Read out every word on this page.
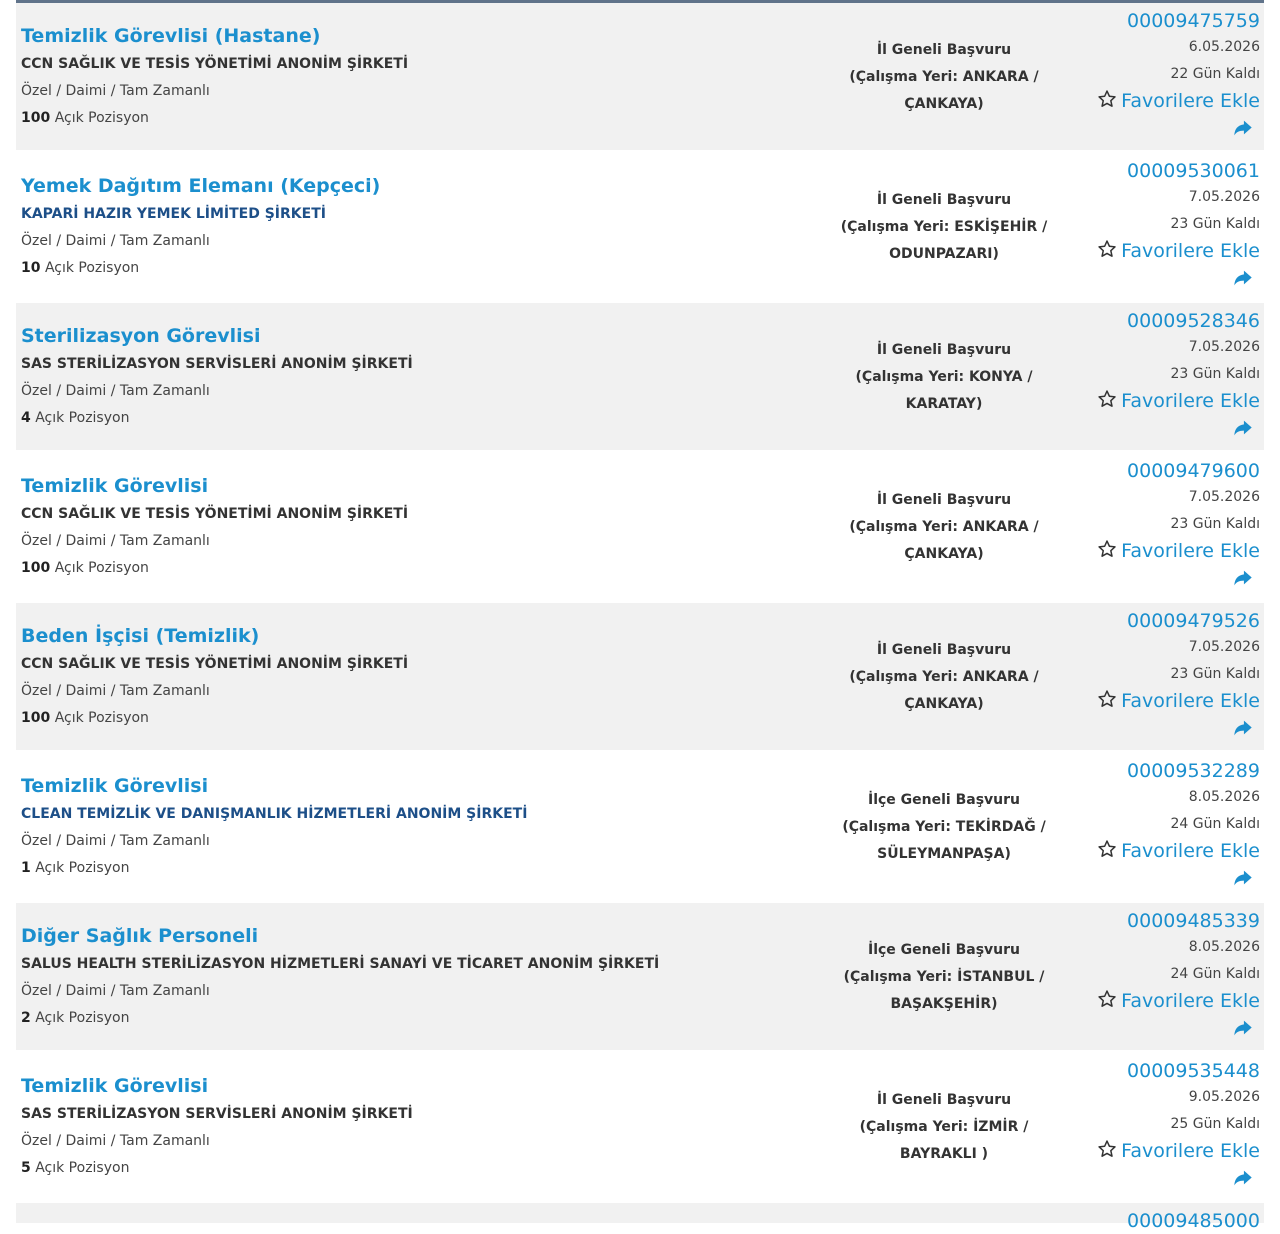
Temizlik Görevlisi (Hastane)
CCN SAĞLIK VE TESİS YÖNETİMİ ANONİM ŞİRKETİ
Özel / Daimi / Tam Zamanlı
100 Açık Pozisyon
İl Geneli Başvuru
(Çalışma Yeri: ANKARA /
ÇANKAYA)
00009475759
6.05.2026
22 Gün Kaldı
Favorilere Ekle
Yemek Dağıtım Elemanı (Kepçeci)
KAPARİ HAZIR YEMEK LİMİTED ŞİRKETİ
Özel / Daimi / Tam Zamanlı
10 Açık Pozisyon
İl Geneli Başvuru
(Çalışma Yeri: ESKİŞEHİR /
ODUNPAZARI)
00009530061
7.05.2026
23 Gün Kaldı
Favorilere Ekle
Sterilizasyon Görevlisi
SAS STERİLİZASYON SERVİSLERİ ANONİM ŞİRKETİ
Özel / Daimi / Tam Zamanlı
4 Açık Pozisyon
İl Geneli Başvuru
(Çalışma Yeri: KONYA /
KARATAY)
00009528346
7.05.2026
23 Gün Kaldı
Favorilere Ekle
Temizlik Görevlisi
CCN SAĞLIK VE TESİS YÖNETİMİ ANONİM ŞİRKETİ
Özel / Daimi / Tam Zamanlı
100 Açık Pozisyon
İl Geneli Başvuru
(Çalışma Yeri: ANKARA /
ÇANKAYA)
00009479600
7.05.2026
23 Gün Kaldı
Favorilere Ekle
Beden İşçisi (Temizlik)
CCN SAĞLIK VE TESİS YÖNETİMİ ANONİM ŞİRKETİ
Özel / Daimi / Tam Zamanlı
100 Açık Pozisyon
İl Geneli Başvuru
(Çalışma Yeri: ANKARA /
ÇANKAYA)
00009479526
7.05.2026
23 Gün Kaldı
Favorilere Ekle
Temizlik Görevlisi
CLEAN TEMİZLİK VE DANIŞMANLIK HİZMETLERİ ANONİM ŞİRKETİ
Özel / Daimi / Tam Zamanlı
1 Açık Pozisyon
İlçe Geneli Başvuru
(Çalışma Yeri: TEKİRDAĞ /
SÜLEYMANPAŞA)
00009532289
8.05.2026
24 Gün Kaldı
Favorilere Ekle
Diğer Sağlık Personeli
SALUS HEALTH STERİLİZASYON HİZMETLERİ SANAYİ VE TİCARET ANONİM ŞİRKETİ
Özel / Daimi / Tam Zamanlı
2 Açık Pozisyon
İlçe Geneli Başvuru
(Çalışma Yeri: İSTANBUL /
BAŞAKŞEHİR)
00009485339
8.05.2026
24 Gün Kaldı
Favorilere Ekle
Temizlik Görevlisi
SAS STERİLİZASYON SERVİSLERİ ANONİM ŞİRKETİ
Özel / Daimi / Tam Zamanlı
5 Açık Pozisyon
İl Geneli Başvuru
(Çalışma Yeri: İZMİR /
BAYRAKLI )
00009535448
9.05.2026
25 Gün Kaldı
Favorilere Ekle
00009485000
